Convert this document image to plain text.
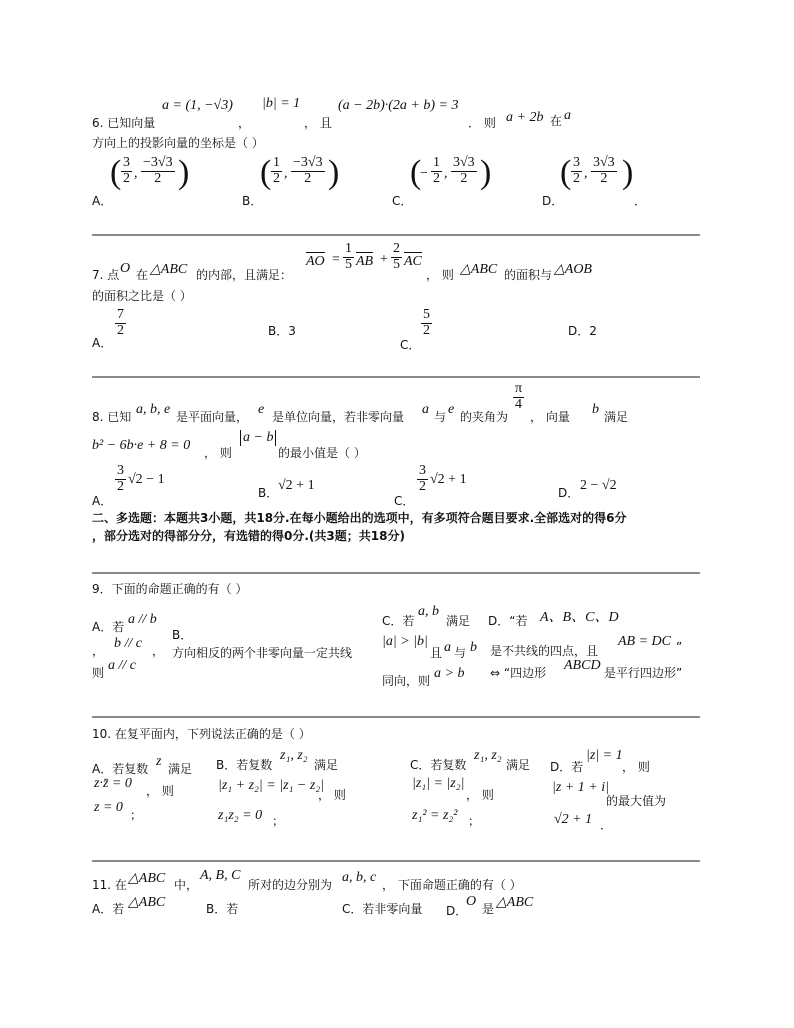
6. 已知向量
a = (1, −√3)
，
|b| = 1
， 且
(a − 2b)·(2a + b) = 3
． 则 a + 2b 在 a
方向上的投影向量的坐标是（ ）
A．
( $\frac{3}{2}$ , $\frac{-3√3}{2}$ )
B．
( $\frac{1}{2}$ , $\frac{-3√3}{2}$ )
C．
(
− $\frac{1}{2}$ , $\frac{3√3}{2}$ )
D．
( $\frac{3}{2}$ , $\frac{3√3}{2}$ )
．
7. 点 O 在 △ABC 的内部，且满足：
AO = $\frac{1}{5}$ AB + $\frac{2}{5}$ AC
， 则 △ABC 的面积与 △AOB
的面积之比是（ ）
A．
$\frac{7}{2}$	B．3
C．
$\frac{5}{2}$	D．2
8. 已知 a, b, e 是平面向量， e 是单位向量，若非零向量 a 与 e 的夹角为
$\frac{\pi}{4}$
， 向量 b 满足
b² − 6b·e + 8 = 0 ， 则
a − b
的最小值是（ ）
A．
$\frac{3}{2} √2 - 1$
B． √2 + 1
C．
$\frac{3}{2} √2 + 1$
D． 2 − √2
二、多选题：本题共3小题，共18分.在每小题给出的选项中，有多项符合题目要求.全部选对的得6分
，部分选对的得部分分，有选错的得0分.(共3题；共18分)
9．下面的命题正确的有（ ）
A．若 a // b
， b // c ，
则 a // c
B．
方向相反的两个非零向量一定共线
C．若
a, b
满足
|a| > |b|
且 a 与 b
同向，则 a > b
D．“若 A、B、C、D
是不共线的四点，且
AB = DC ”
⇔ “四边形 ABCD 是平行四边形”
10. 在复平面内，下列说法正确的是（ ）
A．若复数 z 满足
z·z̄ = 0 ， 则
z = 0 ；
B．若复数
z₁, z₂
满足
|z₁ + z₂| = |z₁ − z₂|
， 则
z₁z₂ = 0 ；
C．若复数
z₁, z₂
满足
|z₁| = |z₂|
， 则
z₁² = z₂² ；
D．若
|z| = 1
， 则
|z + 1 + i|
的最大值为
√2 + 1 ．
11. 在 △ABC 中，
A, B, C
所对的边分别为 a, b, c ， 下面命题正确的有（ ）
A．若 △ABC	B．若	C．若非零向量 D．
O 是 △ABC
